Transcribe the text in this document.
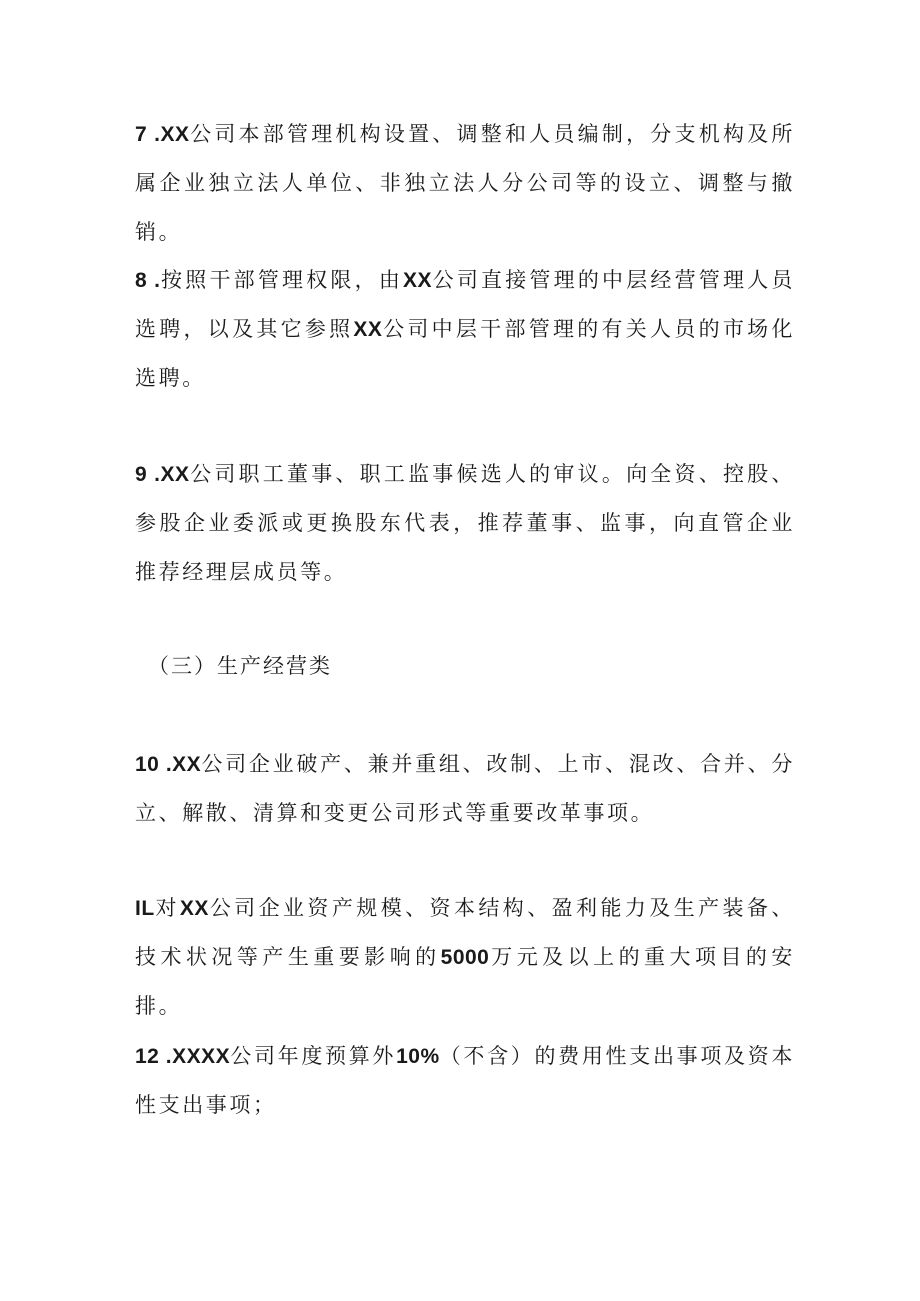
7 .XX公司本部管理机构设置、调整和人员编制，分支机构及所属企业独立法人单位、非独立法人分公司等的设立、调整与撤销。

8 .按照干部管理权限，由XX公司直接管理的中层经营管理人员选聘，以及其它参照XX公司中层干部管理的有关人员的市场化选聘。

9 .XX公司职工董事、职工监事候选人的审议。向全资、控股、参股企业委派或更换股东代表，推荐董事、监事，向直管企业推荐经理层成员等。

（三）生产经营类

10 .XX公司企业破产、兼并重组、改制、上市、混改、合并、分立、解散、清算和变更公司形式等重要改革事项。

IL对XX公司企业资产规模、资本结构、盈利能力及生产装备、技术状况等产生重要影响的5000万元及以上的重大项目的安排。

12 .XXXX公司年度预算外10%（不含）的费用性支出事项及资本性支出事项；
